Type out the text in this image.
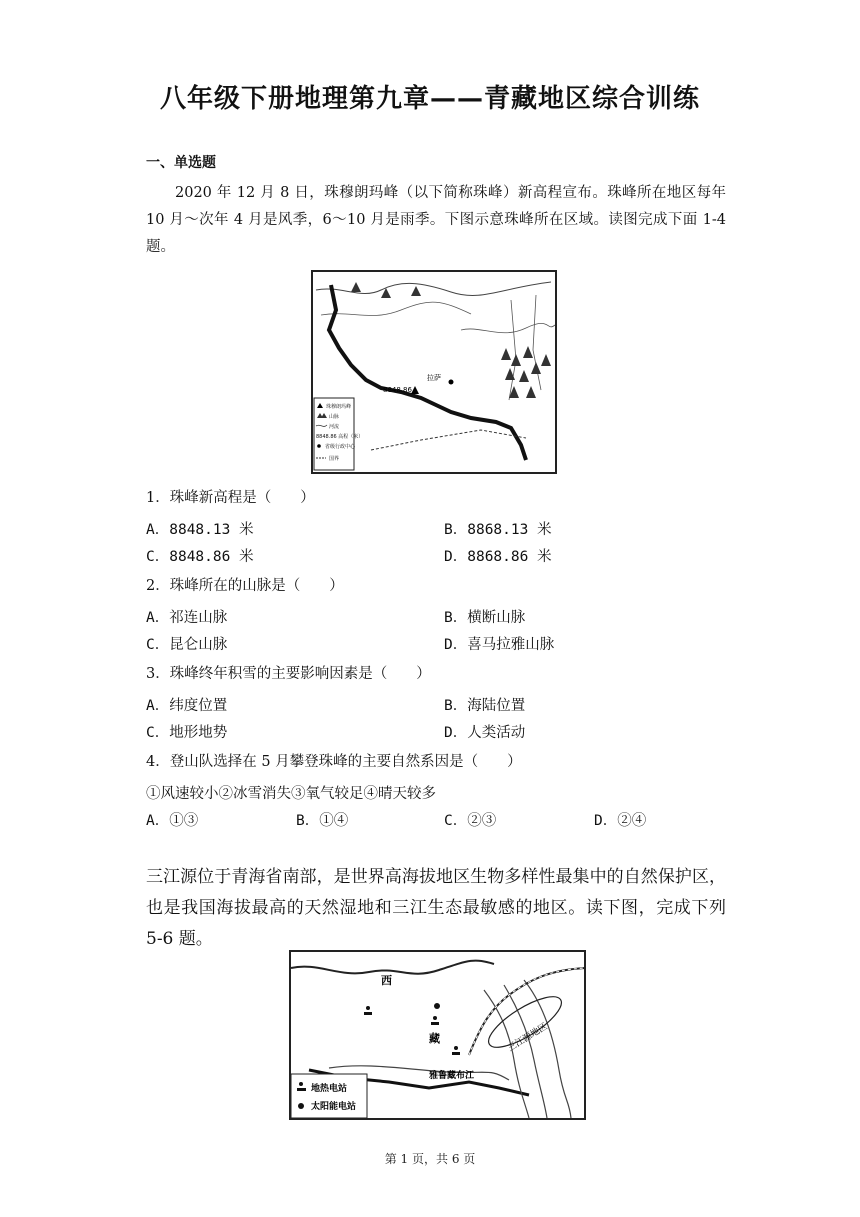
八年级下册地理第九章——青藏地区综合训练
一、单选题
2020 年 12 月 8 日，珠穆朗玛峰（以下简称珠峰）新高程宣布。珠峰所在地区每年 10 月～次年 4 月是风季，6～10 月是雨季。下图示意珠峰所在区域。读图完成下面 1-4 题。
8848.86
拉萨
珠穆朗玛峰
山脉
河流
8848.86 高程（米）
省级行政中心
国界
1．珠峰新高程是（　　）
A．8848.13 米	B．8868.13 米
C．8848.86 米	D．8868.86 米
2．珠峰所在的山脉是（　　）
A．祁连山脉	B．横断山脉
C．昆仑山脉	D．喜马拉雅山脉
3．珠峰终年积雪的主要影响因素是（　　）
A．纬度位置	B．海陆位置
C．地形地势	D．人类活动
4．登山队选择在 5 月攀登珠峰的主要自然系因是（　　）
①风速较小②冰雪消失③氧气较足④晴天较多
A．①③	B．①④	C．②③	D．②④
三江源位于青海省南部，是世界高海拔地区生物多样性最集中的自然保护区，也是我国海拔最高的天然湿地和三江生态最敏感的地区。读下图，完成下列 5-6 题。
三江源地区
西
藏
雅鲁藏布江
地热电站
太阳能电站
第 1 页，共 6 页
